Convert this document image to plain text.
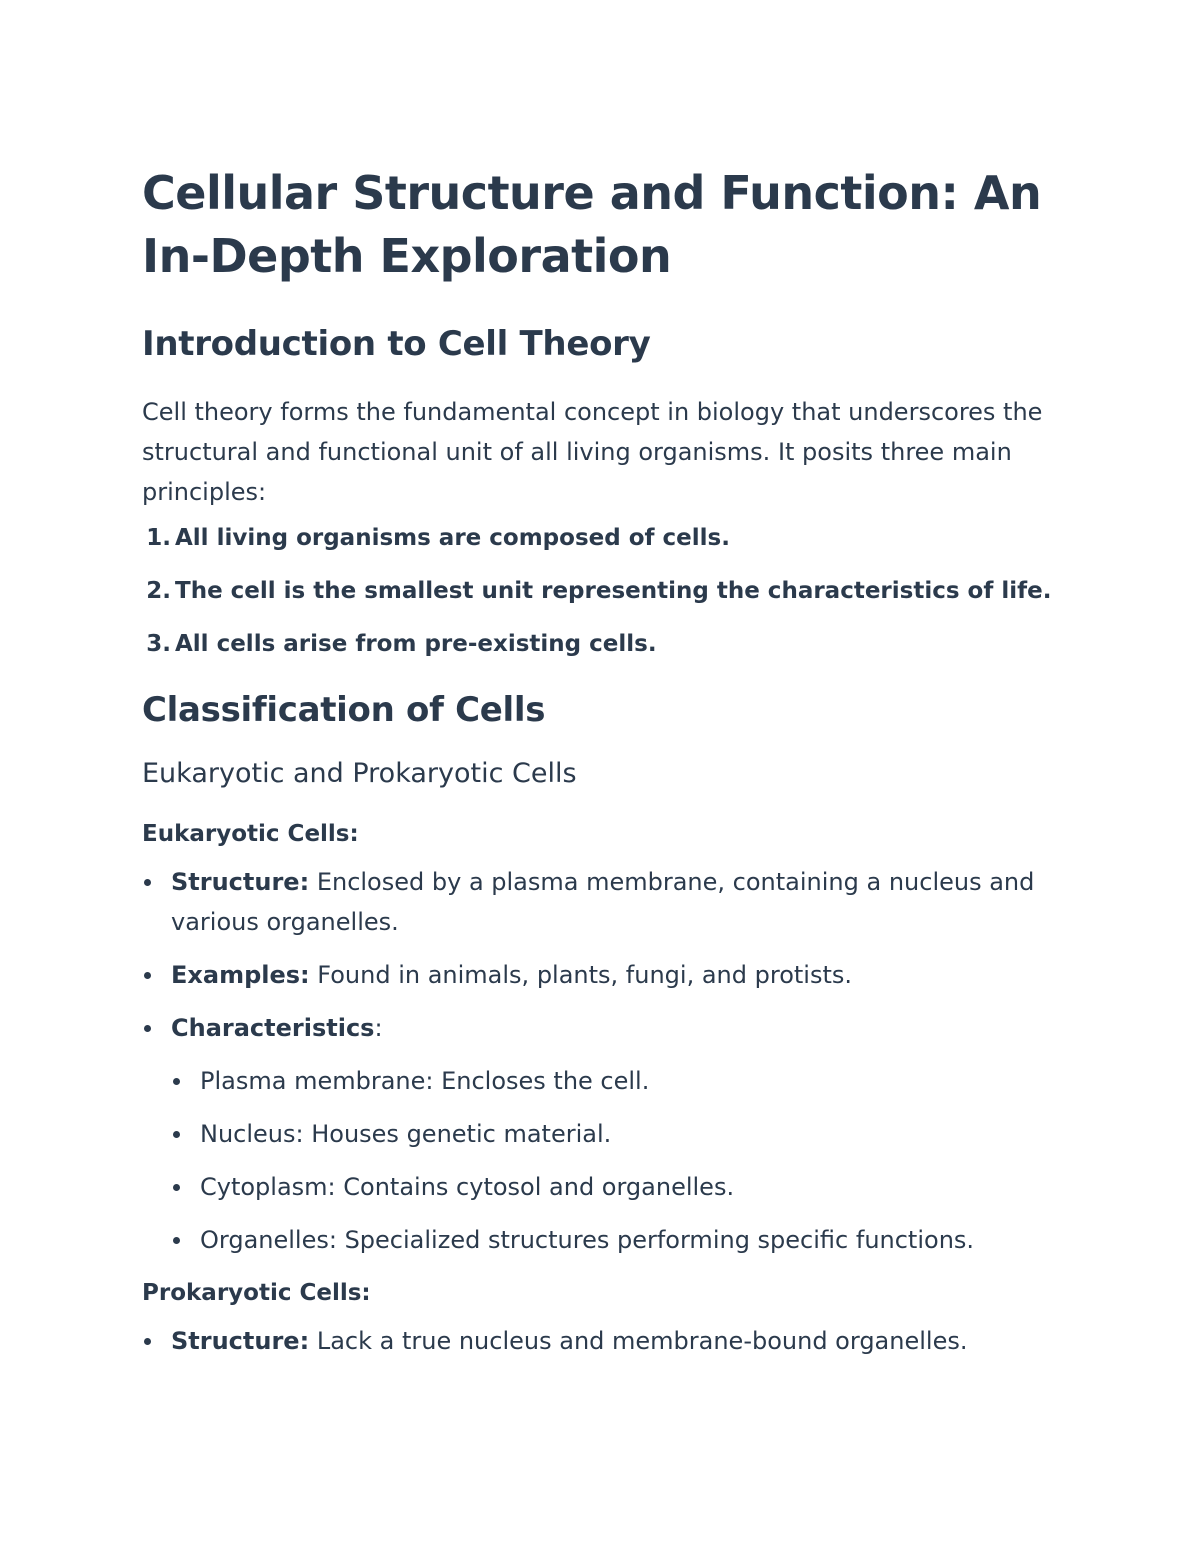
Cellular Structure and Function: An In-Depth Exploration
Introduction to Cell Theory

Cell theory forms the fundamental concept in biology that underscores the structural and functional unit of all living organisms. It posits three main principles:

1. All living organisms are composed of cells.
2. The cell is the smallest unit representing the characteristics of life.
3. All cells arise from pre-existing cells.
Classification of Cells
Eukaryotic and Prokaryotic Cells

Eukaryotic Cells:

Structure: Enclosed by a plasma membrane, containing a nucleus and various organelles.
Examples: Found in animals, plants, fungi, and protists.
Characteristics:
Plasma membrane: Encloses the cell.
Nucleus: Houses genetic material.
Cytoplasm: Contains cytosol and organelles.
Organelles: Specialized structures performing specific functions.

Prokaryotic Cells:

Structure: Lack a true nucleus and membrane-bound organelles.
